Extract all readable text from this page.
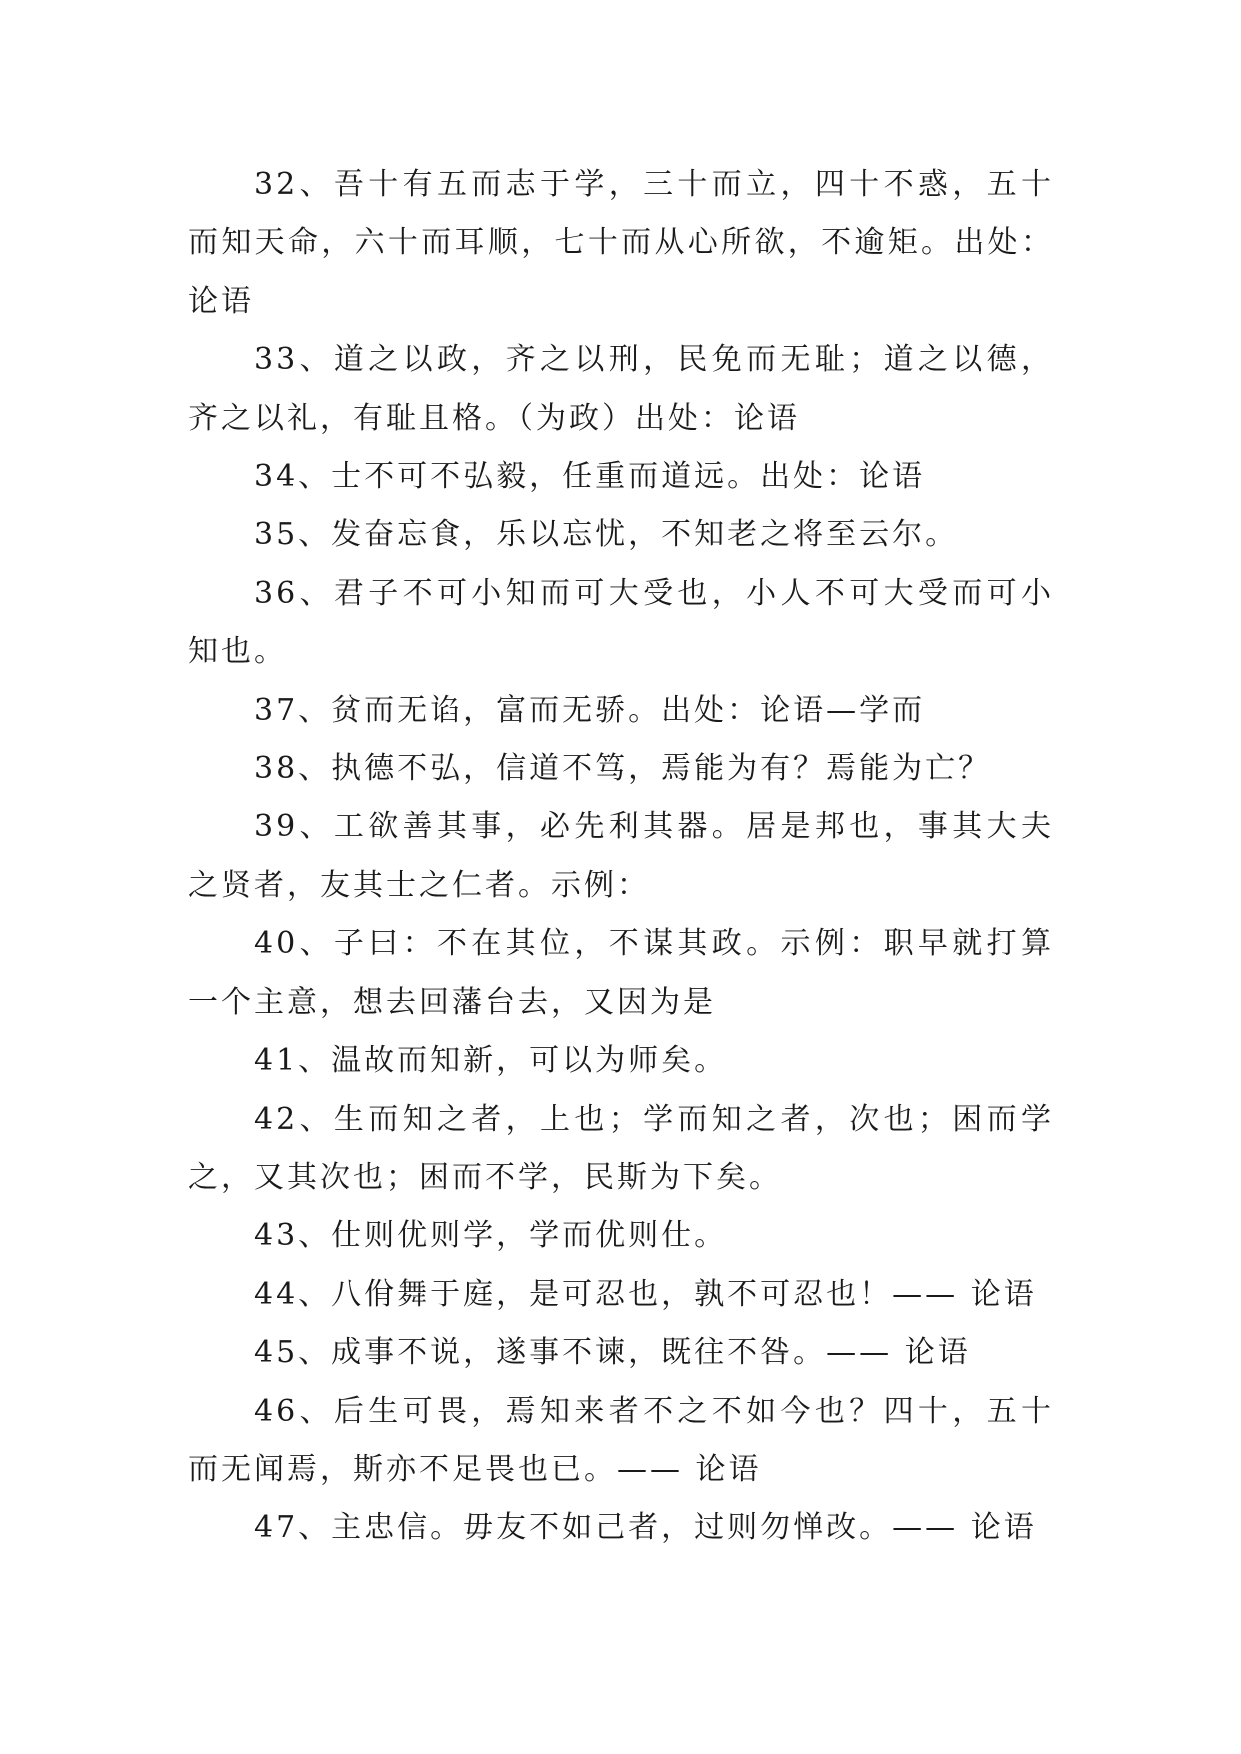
32、吾十有五而志于学，三十而立，四十不惑，五十而知天命，六十而耳顺，七十而从心所欲，不逾矩。出处：论语

33、道之以政，齐之以刑，民免而无耻；道之以德，齐之以礼，有耻且格。（为政）出处：论语

34、士不可不弘毅，任重而道远。出处：论语

35、发奋忘食，乐以忘忧，不知老之将至云尔。

36、君子不可小知而可大受也，小人不可大受而可小知也。

37、贫而无谄，富而无骄。出处：论语—学而

38、执德不弘，信道不笃，焉能为有？焉能为亡？

39、工欲善其事，必先利其器。居是邦也，事其大夫之贤者，友其士之仁者。示例：

40、子曰：不在其位，不谋其政。示例：职早就打算一个主意，想去回藩台去，又因为是

41、温故而知新，可以为师矣。

42、生而知之者，上也；学而知之者，次也；困而学之，又其次也；困而不学，民斯为下矣。

43、仕则优则学，学而优则仕。

44、八佾舞于庭，是可忍也，孰不可忍也！—— 论语

45、成事不说，遂事不谏，既往不咎。—— 论语

46、后生可畏，焉知来者不之不如今也？四十，五十而无闻焉，斯亦不足畏也已。—— 论语

47、主忠信。毋友不如己者，过则勿惮改。—— 论语
